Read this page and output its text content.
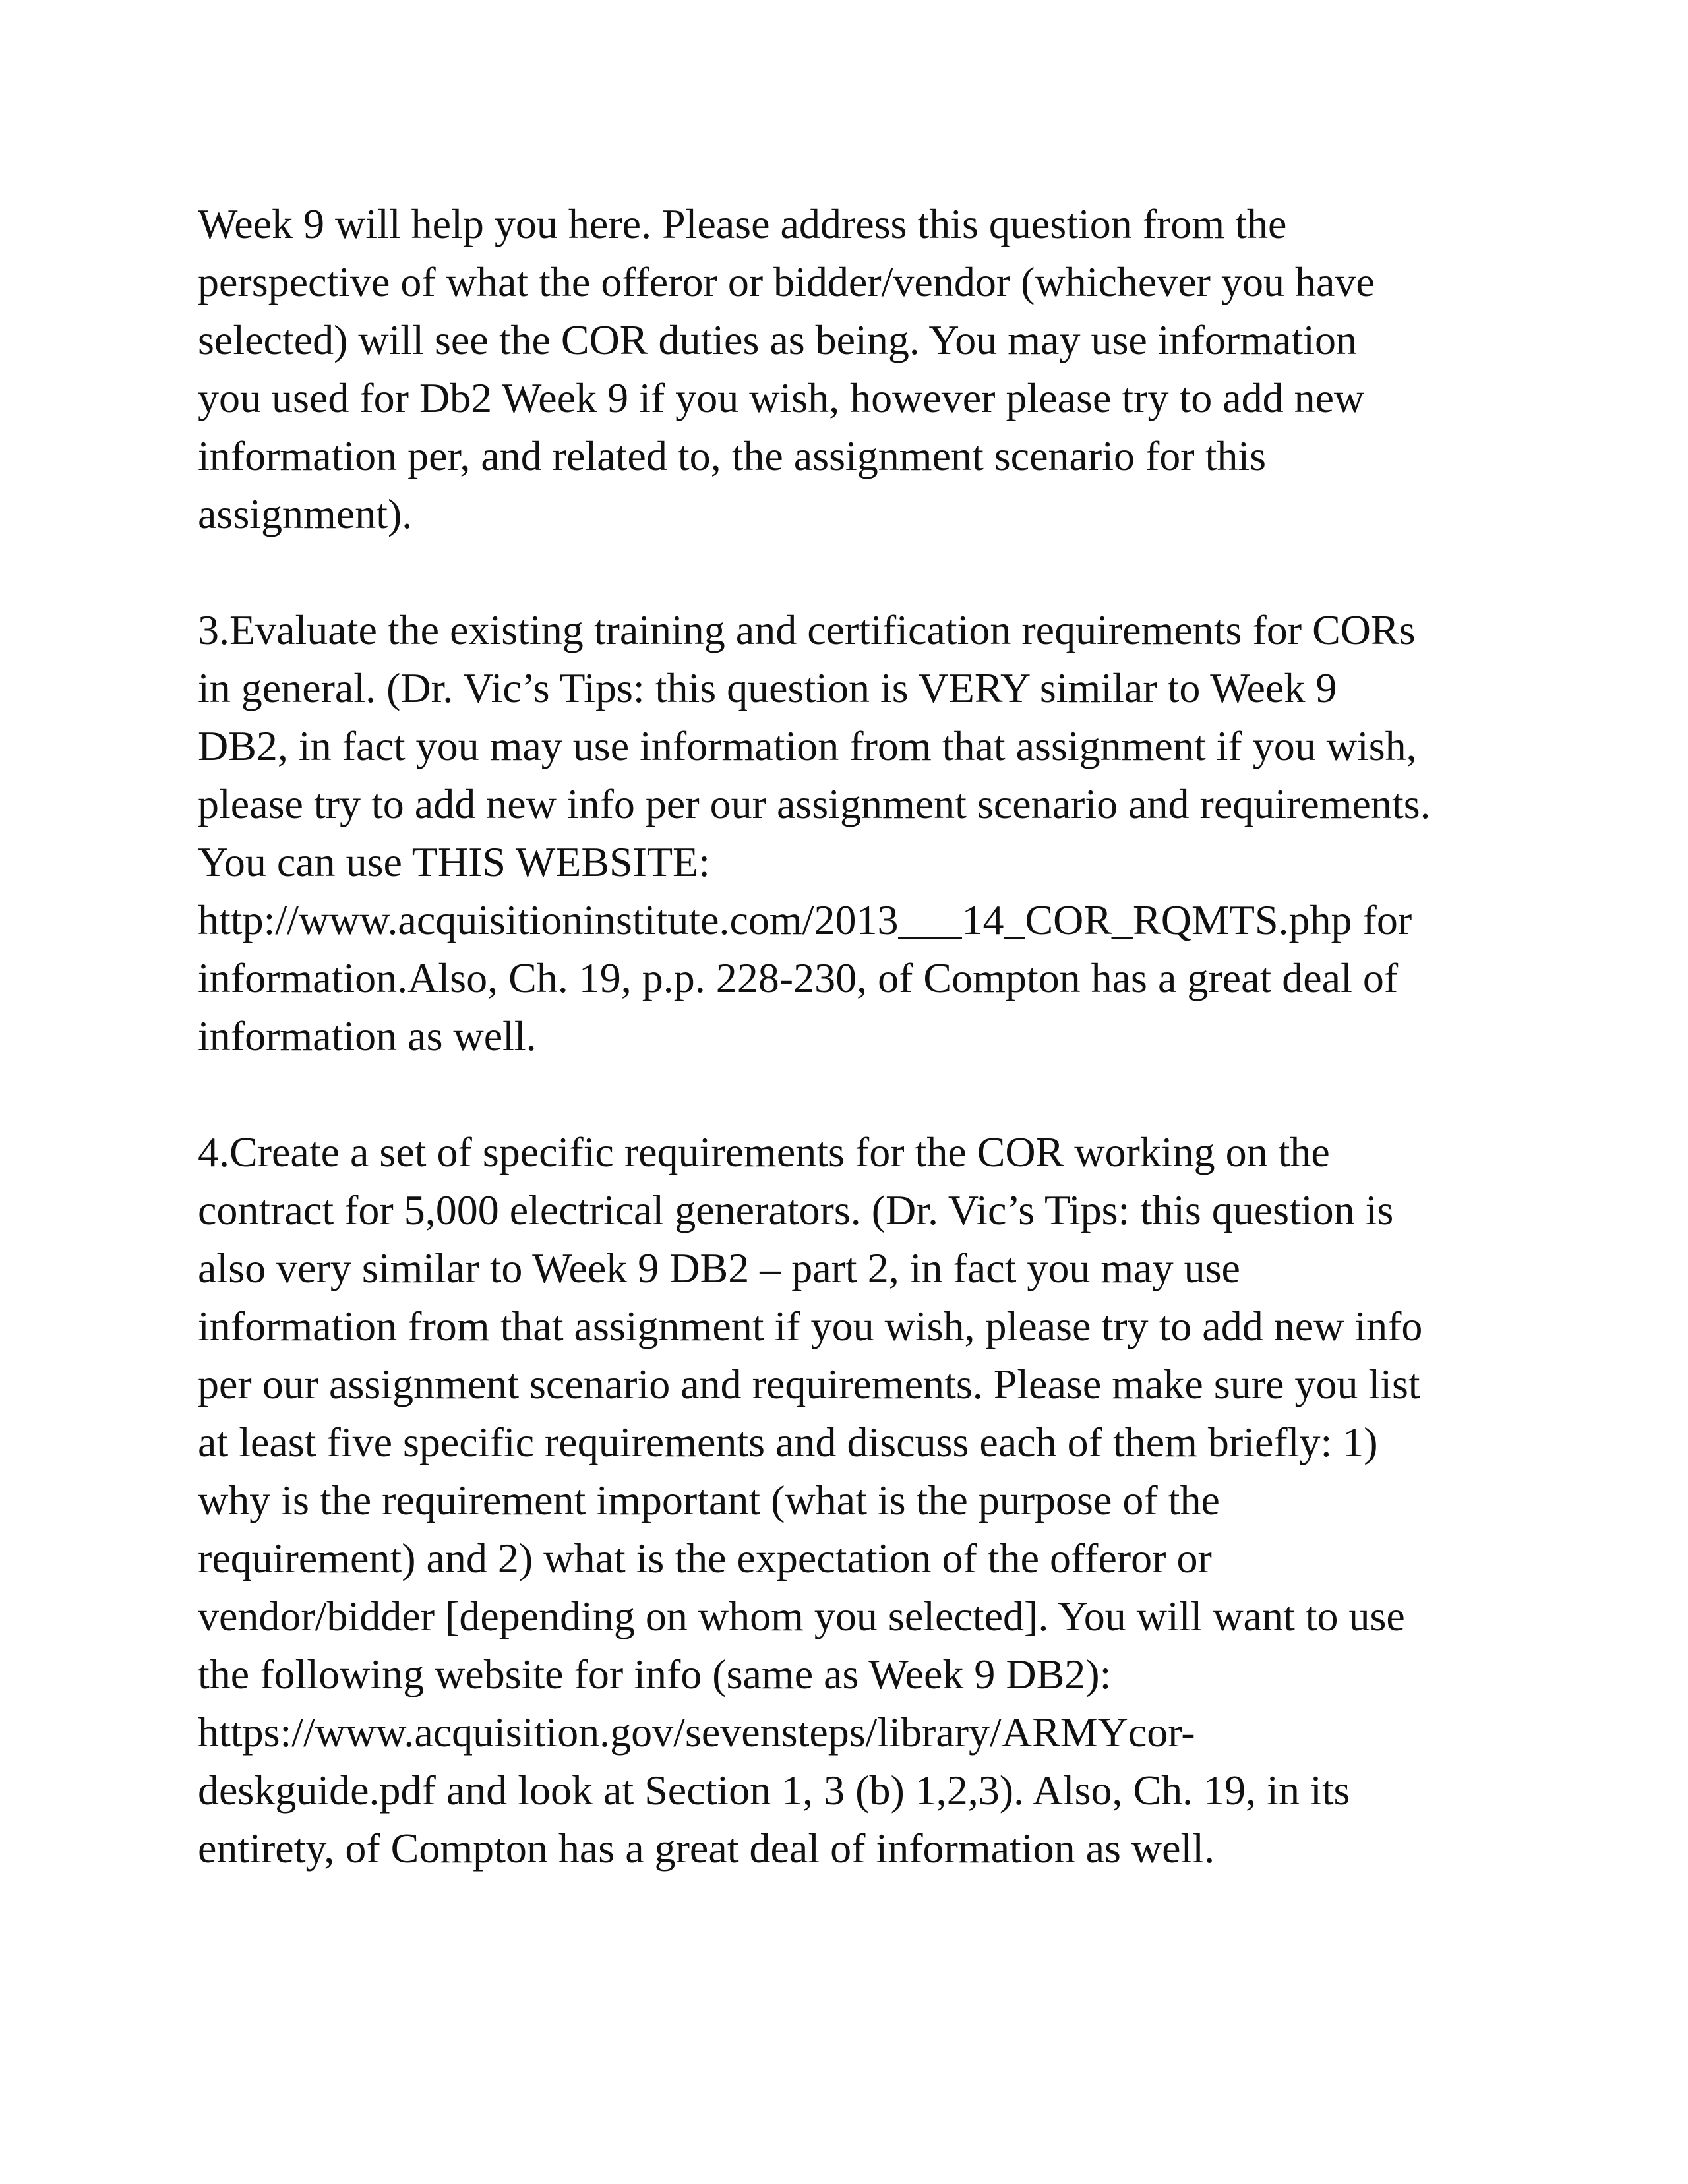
Week 9 will help you here. Please address this question from the
perspective of what the offeror or bidder/vendor (whichever you have
selected) will see the COR duties as being. You may use information
you used for Db2 Week 9 if you wish, however please try to add new
information per, and related to, the assignment scenario for this
assignment).
3.Evaluate the existing training and certification requirements for CORs
in general. (Dr. Vic’s Tips: this question is VERY similar to Week 9
DB2, in fact you may use information from that assignment if you wish,
please try to add new info per our assignment scenario and requirements.
You can use THIS WEBSITE:
http://www.acquisitioninstitute.com/2013___14_COR_RQMTS.php for
information.Also, Ch. 19, p.p. 228-230, of Compton has a great deal of
information as well.
4.Create a set of specific requirements for the COR working on the
contract for 5,000 electrical generators. (Dr. Vic’s Tips: this question is
also very similar to Week 9 DB2 – part 2, in fact you may use
information from that assignment if you wish, please try to add new info
per our assignment scenario and requirements. Please make sure you list
at least five specific requirements and discuss each of them briefly: 1)
why is the requirement important (what is the purpose of the
requirement) and 2) what is the expectation of the offeror or
vendor/bidder [depending on whom you selected]. You will want to use
the following website for info (same as Week 9 DB2):
https://www.acquisition.gov/sevensteps/library/ARMYcor-
deskguide.pdf and look at Section 1, 3 (b) 1,2,3). Also, Ch. 19, in its
entirety, of Compton has a great deal of information as well.
